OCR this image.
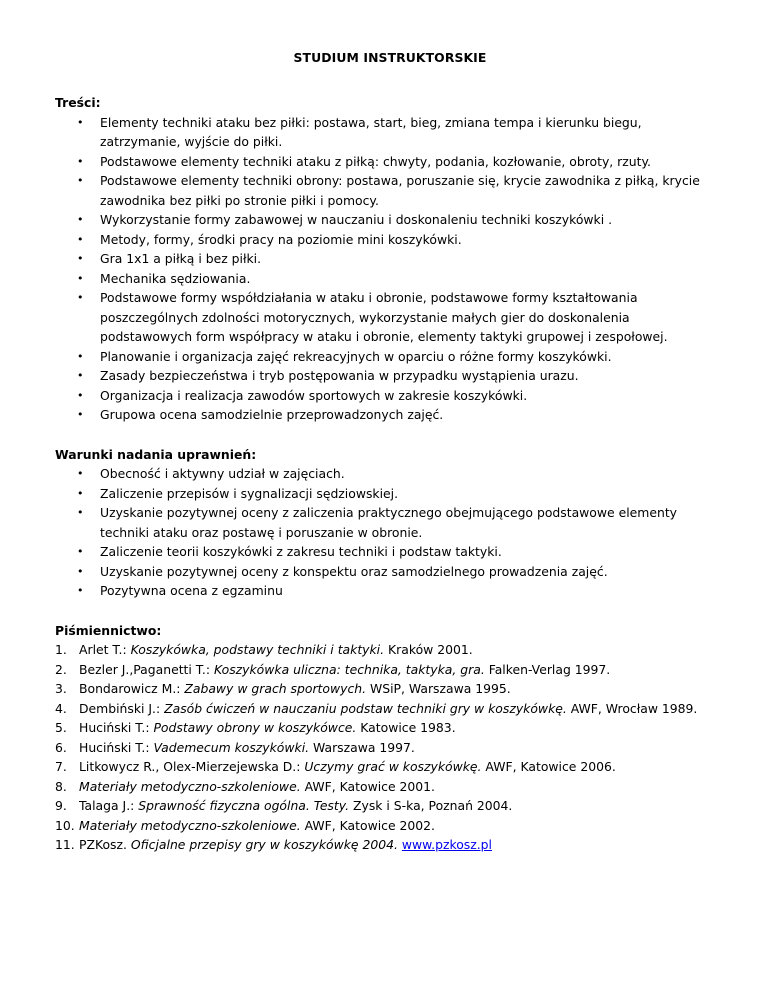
STUDIUM INSTRUKTORSKIE
Treści:
• Elementy techniki ataku bez piłki: postawa, start, bieg, zmiana tempa i kierunku biegu, zatrzymanie, wyjście do piłki.
• Podstawowe elementy techniki ataku z piłką: chwyty, podania, kozłowanie, obroty, rzuty.
• Podstawowe elementy techniki obrony: postawa, poruszanie się, krycie zawodnika z piłką, krycie zawodnika bez piłki po stronie piłki i pomocy.
• Wykorzystanie formy zabawowej w nauczaniu i doskonaleniu techniki koszykówki .
• Metody, formy, środki pracy na poziomie mini koszykówki.
• Gra 1x1 a piłką i bez piłki.
• Mechanika sędziowania.
• Podstawowe formy współdziałania w ataku i obronie, podstawowe formy kształtowania poszczególnych zdolności motorycznych, wykorzystanie małych gier do doskonalenia podstawowych form współpracy w ataku i obronie, elementy taktyki grupowej i zespołowej.
• Planowanie i organizacja zajęć rekreacyjnych w oparciu o różne formy koszykówki.
• Zasady bezpieczeństwa i tryb postępowania w przypadku wystąpienia urazu.
• Organizacja i realizacja zawodów sportowych w zakresie koszykówki.
• Grupowa ocena samodzielnie przeprowadzonych zajęć.
Warunki nadania uprawnień:
• Obecność i aktywny udział w zajęciach.
• Zaliczenie przepisów i sygnalizacji sędziowskiej.
• Uzyskanie pozytywnej oceny z zaliczenia praktycznego obejmującego podstawowe elementy techniki ataku oraz postawę i poruszanie w obronie.
• Zaliczenie teorii koszykówki z zakresu techniki i podstaw taktyki.
• Uzyskanie pozytywnej oceny z konspektu oraz samodzielnego prowadzenia zajęć.
• Pozytywna ocena z egzaminu
Piśmiennictwo:
1. Arlet T.: Koszykówka, podstawy techniki i taktyki. Kraków 2001.
2. Bezler J.,Paganetti T.: Koszykówka uliczna: technika, taktyka, gra. Falken-Verlag 1997.
3. Bondarowicz M.: Zabawy w grach sportowych. WSiP, Warszawa 1995.
4. Dembiński J.: Zasób ćwiczeń w nauczaniu podstaw techniki gry w koszykówkę. AWF, Wrocław 1989.
5. Huciński T.: Podstawy obrony w koszykówce. Katowice 1983.
6. Huciński T.: Vademecum koszykówki. Warszawa 1997.
7. Litkowycz R., Olex-Mierzejewska D.: Uczymy grać w koszykówkę. AWF, Katowice 2006.
8. Materiały metodyczno-szkoleniowe. AWF, Katowice 2001.
9. Talaga J.: Sprawność fizyczna ogólna. Testy. Zysk i S-ka, Poznań 2004.
10. Materiały metodyczno-szkoleniowe. AWF, Katowice 2002.
11. PZKosz. Oficjalne przepisy gry w koszykówkę 2004. www.pzkosz.pl
